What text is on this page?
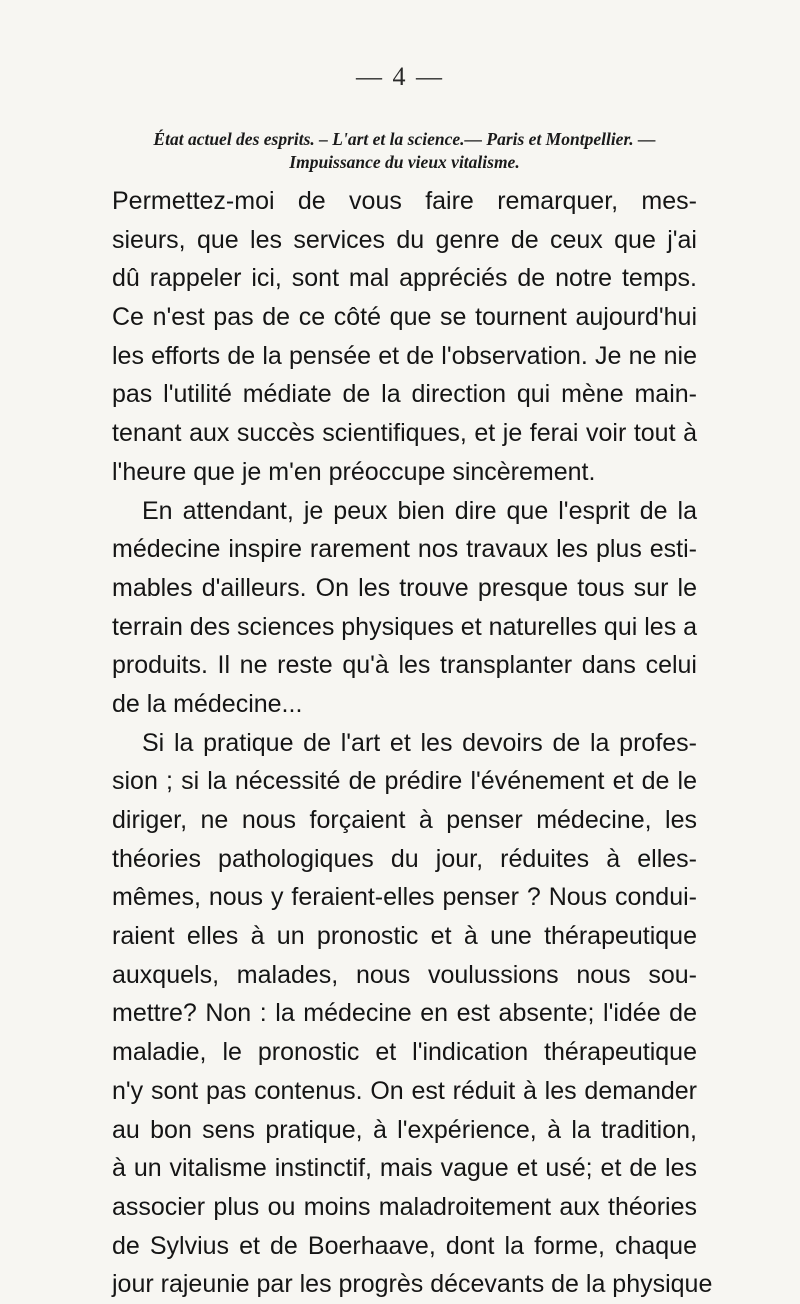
— 4 —
État actuel des esprits. – L'art et la science.— Paris et Montpellier. —
Impuissance du vieux vitalisme.

Permettez-moi de vous faire remarquer, mes-
sieurs, que les services du genre de ceux que j'ai
dû rappeler ici, sont mal appréciés de notre temps.
Ce n'est pas de ce côté que se tournent aujourd'hui
les efforts de la pensée et de l'observation. Je ne nie
pas l'utilité médiate de la direction qui mène main-
tenant aux succès scientifiques, et je ferai voir tout à
l'heure que je m'en préoccupe sincèrement.

En attendant, je peux bien dire que l'esprit de la
médecine inspire rarement nos travaux les plus esti-
mables d'ailleurs. On les trouve presque tous sur le
terrain des sciences physiques et naturelles qui les a
produits. Il ne reste qu'à les transplanter dans celui
de la médecine...

Si la pratique de l'art et les devoirs de la profes-
sion ; si la nécessité de prédire l'événement et de le
diriger, ne nous forçaient à penser médecine, les
théories pathologiques du jour, réduites à elles-
mêmes, nous y feraient-elles penser ? Nous condui-
raient elles à un pronostic et à une thérapeutique
auxquels, malades, nous voulussions nous sou-
mettre? Non : la médecine en est absente; l'idée de
maladie, le pronostic et l'indication thérapeutique
n'y sont pas contenus. On est réduit à les demander
au bon sens pratique, à l'expérience, à la tradition,
à un vitalisme instinctif, mais vague et usé; et de les
associer plus ou moins maladroitement aux théories
de Sylvius et de Boerhaave, dont la forme, chaque
jour rajeunie par les progrès décevants de la physique
